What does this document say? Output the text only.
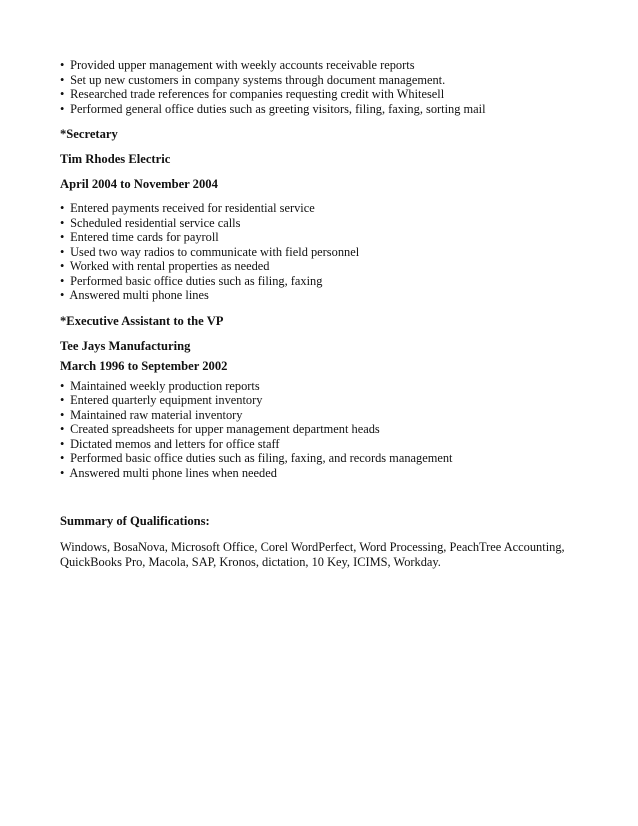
• Provided upper management with weekly accounts receivable reports
• Set up new customers in company systems through document management.
• Researched trade references for companies requesting credit with Whitesell
• Performed general office duties such as greeting visitors, filing, faxing, sorting mail
*Secretary
Tim Rhodes Electric
April 2004 to November 2004
• Entered payments received for residential service
• Scheduled residential service calls
• Entered time cards for payroll
• Used two way radios to communicate with field personnel
• Worked with rental properties as needed
• Performed basic office duties such as filing, faxing
• Answered multi phone lines
*Executive Assistant to the VP
Tee Jays Manufacturing
March 1996 to September 2002
• Maintained weekly production reports
• Entered quarterly equipment inventory
• Maintained raw material inventory
• Created spreadsheets for upper management department heads
• Dictated memos and letters for office staff
• Performed basic office duties such as filing, faxing, and records management
• Answered multi phone lines when needed
Summary of Qualifications:

Windows, BosaNova, Microsoft Office, Corel WordPerfect, Word Processing, PeachTree Accounting, QuickBooks Pro, Macola, SAP, Kronos, dictation, 10 Key, ICIMS, Workday.
